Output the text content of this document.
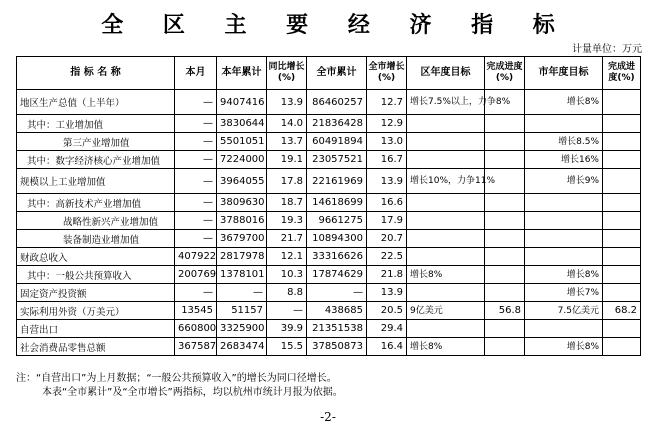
全 区 主 要 经 济 指 标
计量单位：万元
指 标 名 称	本月	本年累计	同比增长(%)	全市累计	全市增长(%)	区年度目标	完成进度(%)	市年度目标	完成进度(%)
地区生产总值（上半年）	—	9407416	13.9	86460257	12.7	增长7.5%以上，力争8%		增长8%	
其中：工业增加值	—	3830644	14.0	21836428	12.9				
第三产业增加值	—	5501051	13.7	60491894	13.0			增长8.5%	
其中：数字经济核心产业增加值	—	7224000	19.1	23057521	16.7			增长16%	
规模以上工业增加值	—	3964055	17.8	22161969	13.9	增长10%，力争11%		增长9%	
其中：高新技术产业增加值	—	3809630	18.7	14618699	16.6				
战略性新兴产业增加值	—	3788016	19.3	9661275	17.9				
装备制造业增加值	—	3679700	21.7	10894300	20.7				
财政总收入	407922	2817978	12.1	33316626	22.5				
其中：一般公共预算收入	200769	1378101	10.3	17874629	21.8	增长8%		增长8%	
固定资产投资额	—	—	8.8	—	13.9			增长7%	
实际利用外资（万美元）	13545	51157	—	438685	20.5	9亿美元	56.8	7.5亿美元	68.2
自营出口	660800	3325900	39.9	21351538	29.4				
社会消费品零售总额	367587	2683474	15.5	37850873	16.4	增长8%		增长8%	
注：“自营出口”为上月数据；“一般公共预算收入”的增长为同口径增长。
本表“全市累计”及“全市增长”两指标，均以杭州市统计月报为依据。
-2-
